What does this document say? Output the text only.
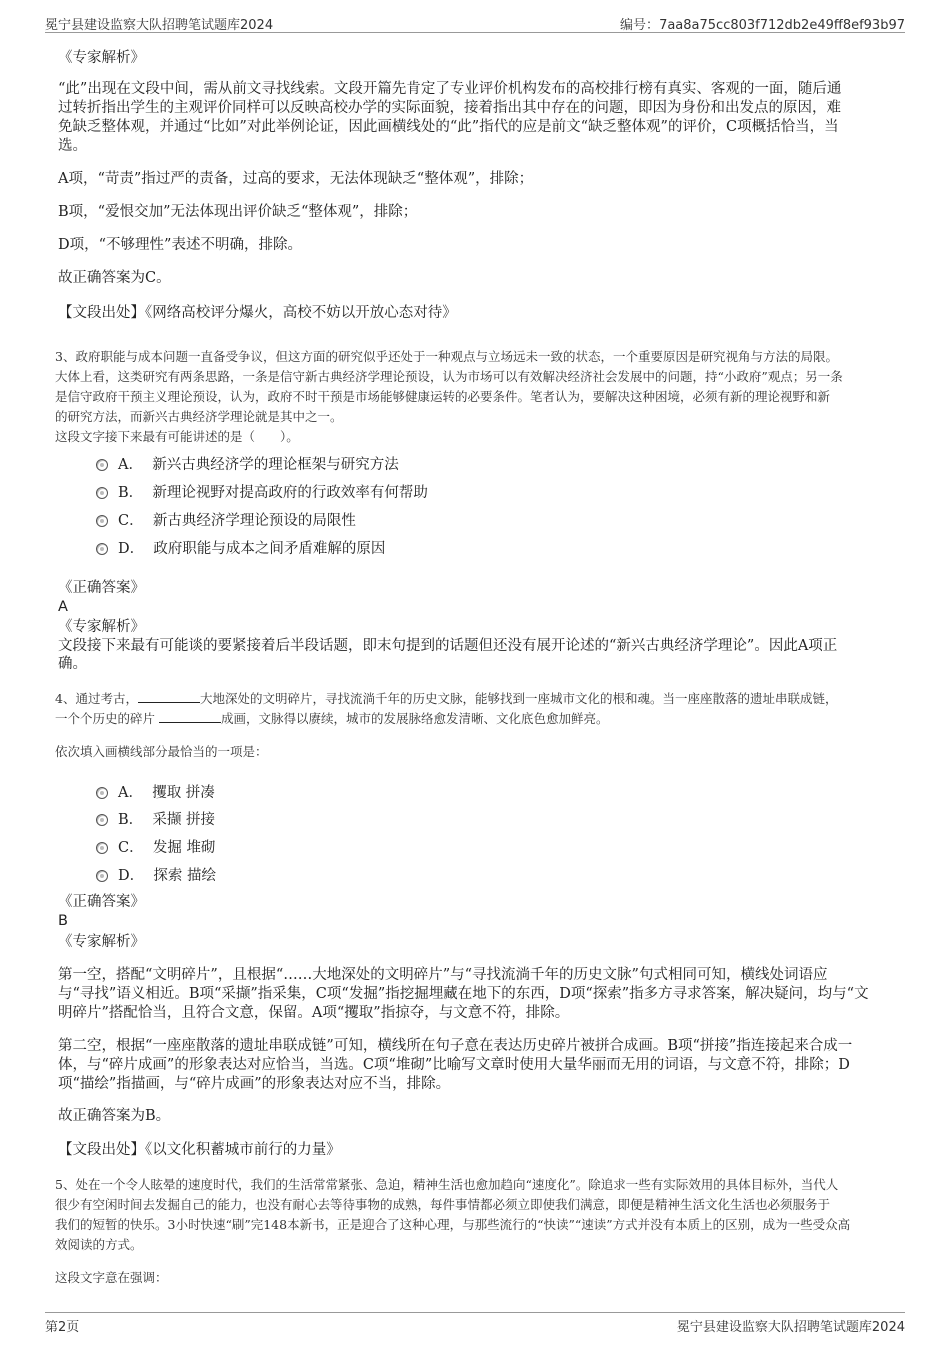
冕宁县建设监察大队招聘笔试题库2024	编号：7aa8a75cc803f712db2e49ff8ef93b97
《专家解析》
“此”出现在文段中间，需从前文寻找线索。文段开篇先肯定了专业评价机构发布的高校排行榜有真实、客观的一面，随后通
过转折指出学生的主观评价同样可以反映高校办学的实际面貌，接着指出其中存在的问题，即因为身份和出发点的原因，难
免缺乏整体观，并通过“比如”对此举例论证，因此画横线处的“此”指代的应是前文“缺乏整体观”的评价，C项概括恰当，当
选。
A项，“苛责”指过严的责备，过高的要求，无法体现缺乏“整体观”，排除；
B项，“爱恨交加”无法体现出评价缺乏“整体观”，排除；
D项，“不够理性”表述不明确，排除。
故正确答案为C。
【文段出处】《网络高校评分爆火，高校不妨以开放心态对待》
3、政府职能与成本问题一直备受争议，但这方面的研究似乎还处于一种观点与立场远未一致的状态，一个重要原因是研究视角与方法的局限。
大体上看，这类研究有两条思路，一条是信守新古典经济学理论预设，认为市场可以有效解决经济社会发展中的问题，持“小政府”观点；另一条
是信守政府干预主义理论预设，认为，政府不时干预是市场能够健康运转的必要条件。笔者认为，要解决这种困境，必须有新的理论视野和新
的研究方法，而新兴古典经济学理论就是其中之一。
这段文字接下来最有可能讲述的是（　　）。
A． 新兴古典经济学的理论框架与研究方法
B． 新理论视野对提高政府的行政效率有何帮助
C． 新古典经济学理论预设的局限性
D． 政府职能与成本之间矛盾难解的原因
《正确答案》
A
《专家解析》
文段接下来最有可能谈的要紧接着后半段话题，即末句提到的话题但还没有展开论述的“新兴古典经济学理论”。因此A项正
确。
4、通过考古，	大地深处的文明碎片，寻找流淌千年的历史文脉，能够找到一座城市文化的根和魂。当一座座散落的遗址串联成链，
一个个历史的碎片	成画，文脉得以赓续，城市的发展脉络愈发清晰、文化底色愈加鲜亮。
依次填入画横线部分最恰当的一项是：
A． 攫取 拼凑
B． 采撷 拼接
C． 发掘 堆砌
D． 探索 描绘
《正确答案》
B
《专家解析》
第一空，搭配“文明碎片”，且根据“……大地深处的文明碎片”与“寻找流淌千年的历史文脉”句式相同可知，横线处词语应
与“寻找”语义相近。B项“采撷”指采集，C项“发掘”指挖掘埋藏在地下的东西，D项“探索”指多方寻求答案，解决疑问，均与“文
明碎片”搭配恰当，且符合文意，保留。A项“攫取”指掠夺，与文意不符，排除。
第二空，根据“一座座散落的遗址串联成链”可知，横线所在句子意在表达历史碎片被拼合成画。B项“拼接”指连接起来合成一
体，与“碎片成画”的形象表达对应恰当，当选。C项“堆砌”比喻写文章时使用大量华丽而无用的词语，与文意不符，排除；D
项“描绘”指描画，与“碎片成画”的形象表达对应不当，排除。
故正确答案为B。
【文段出处】《以文化积蓄城市前行的力量》
5、处在一个令人眩晕的速度时代，我们的生活常常紧张、急迫，精神生活也愈加趋向“速度化”。除追求一些有实际效用的具体目标外，当代人
很少有空闲时间去发掘自己的能力，也没有耐心去等待事物的成熟，每件事情都必须立即使我们满意，即便是精神生活文化生活也必须服务于
我们的短暂的快乐。3小时快速“刷”完148本新书，正是迎合了这种心理，与那些流行的“快读”“速读”方式并没有本质上的区别，成为一些受众高
效阅读的方式。
这段文字意在强调：
第2页	冕宁县建设监察大队招聘笔试题库2024
